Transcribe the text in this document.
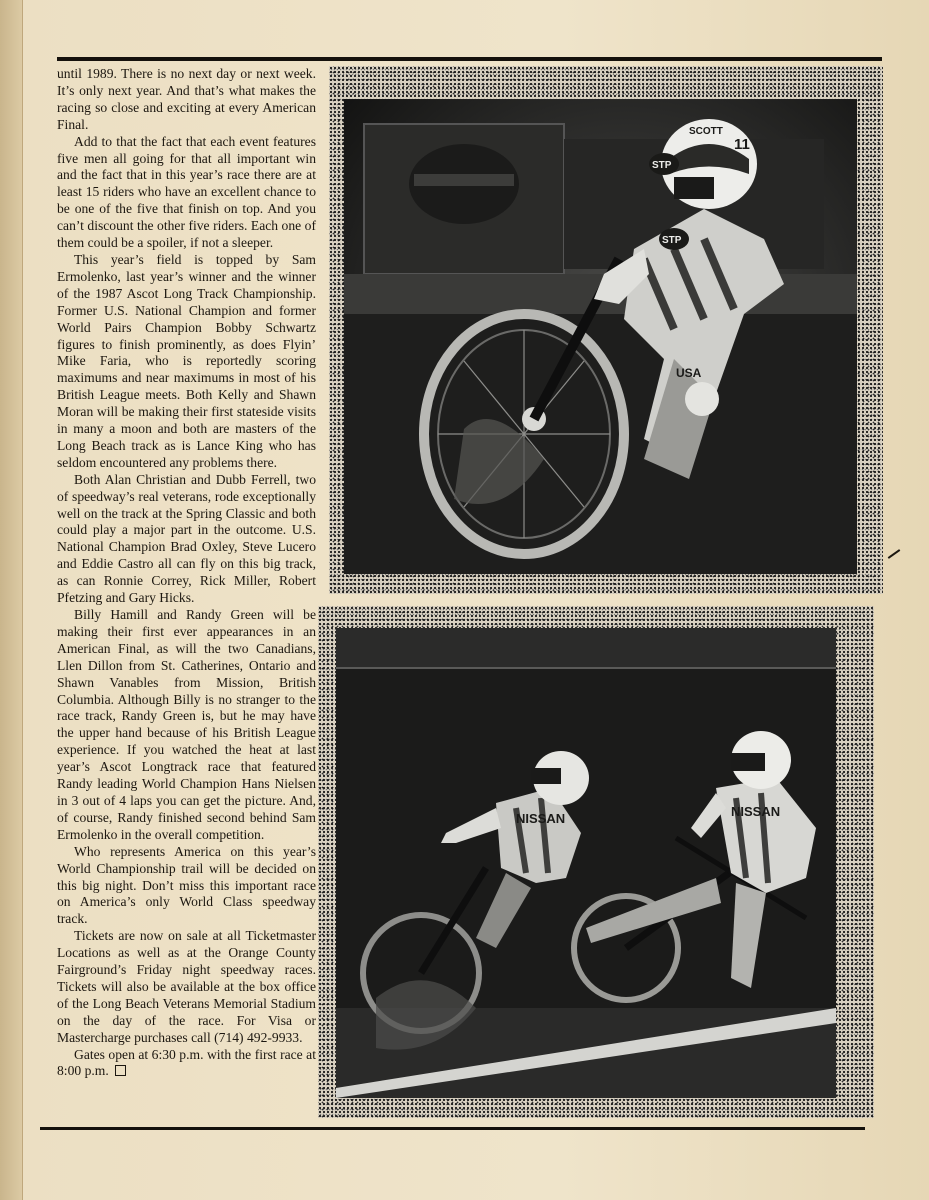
until 1989. There is no next day or next week. It’s only next year. And that’s what makes the racing so close and exciting at every American Final.

Add to that the fact that each event features five men all going for that all important win and the fact that in this year’s race there are at least 15 riders who have an excellent chance to be one of the five that finish on top. And you can’t discount the other five riders. Each one of them could be a spoiler, if not a sleeper.

This year’s field is topped by Sam Ermolenko, last year’s winner and the winner of the 1987 Ascot Long Track Championship. Former U.S. National Champion and former World Pairs Champion Bobby Schwartz figures to finish prominently, as does Flyin’ Mike Faria, who is reportedly scoring maximums and near maximums in most of his British League meets. Both Kelly and Shawn Moran will be making their first stateside visits in many a moon and both are masters of the Long Beach track as is Lance King who has seldom encountered any problems there.

Both Alan Christian and Dubb Ferrell, two of speedway’s real veterans, rode exceptionally well on the track at the Spring Classic and both could play a major part in the outcome. U.S. National Champion Brad Oxley, Steve Lucero and Eddie Castro all can fly on this big track, as can Ronnie Correy, Rick Miller, Robert Pfetzing and Gary Hicks.

Billy Hamill and Randy Green will be making their first ever appearances in an American Final, as will the two Canadians, Llen Dillon from St. Catherines, Ontario and Shawn Vanables from Mission, British Columbia. Although Billy is no stranger to the race track, Randy Green is, but he may have the upper hand because of his British League experience. If you watched the heat at last year’s Ascot Longtrack race that featured Randy leading World Champion Hans Nielsen in 3 out of 4 laps you can get the picture. And, of course, Randy finished second behind Sam Ermolenko in the overall competition.

Who represents America on this year’s World Championship trail will be decided on this big night. Don’t miss this important race on America’s only World Class speedway track.

Tickets are now on sale at all Ticketmaster Locations as well as at the Orange County Fairground’s Friday night speedway races. Tickets will also be available at the box office of the Long Beach Veterans Memorial Stadium on the day of the race. For Visa or Mastercharge purchases call (714) 492-9933.

Gates open at 6:30 p.m. with the first race at 8:00 p.m.

11
SCOTT
STP
STP
USA
NISSAN	NISSAN
